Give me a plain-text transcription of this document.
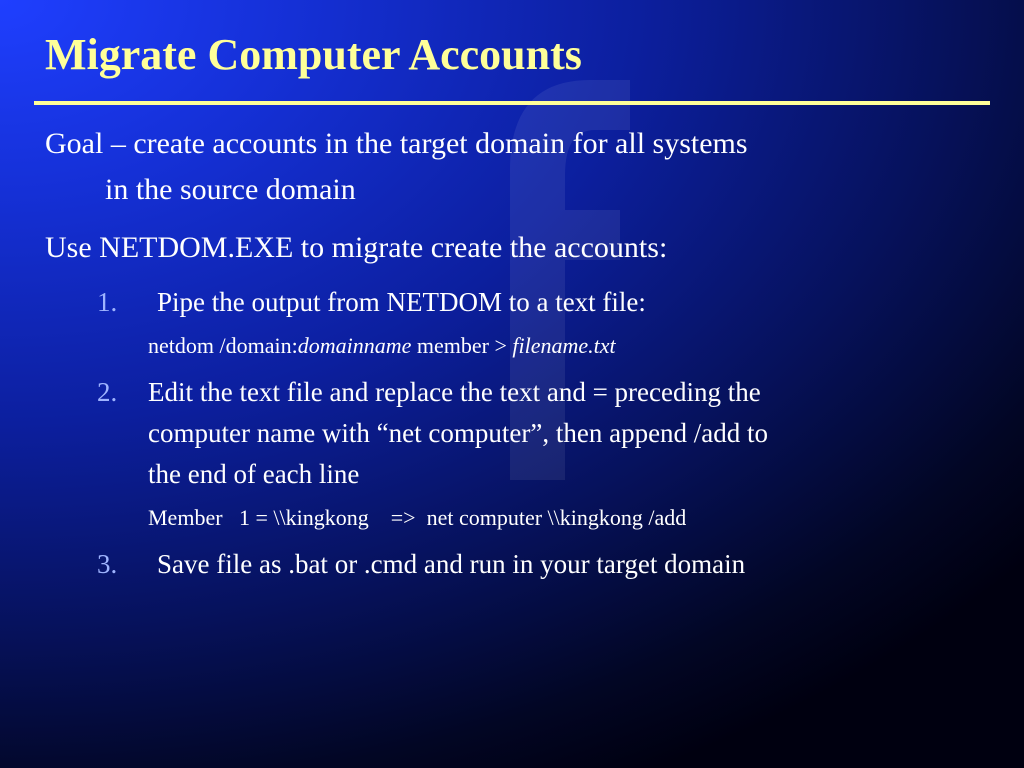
Migrate Computer Accounts
Goal – create accounts in the target domain for all systems
in the source domain
Use NETDOM.EXE to migrate create the accounts:
1. Pipe the output from NETDOM to a text file:
netdom /domain:domainname member > filename.txt
2. Edit the text file and replace the text and = preceding the
computer name with “net computer”, then append /add to
the end of each line
Member   1 = \\kingkong    =>  net computer \\kingkong /add
3. Save file as .bat or .cmd and run in your target domain
